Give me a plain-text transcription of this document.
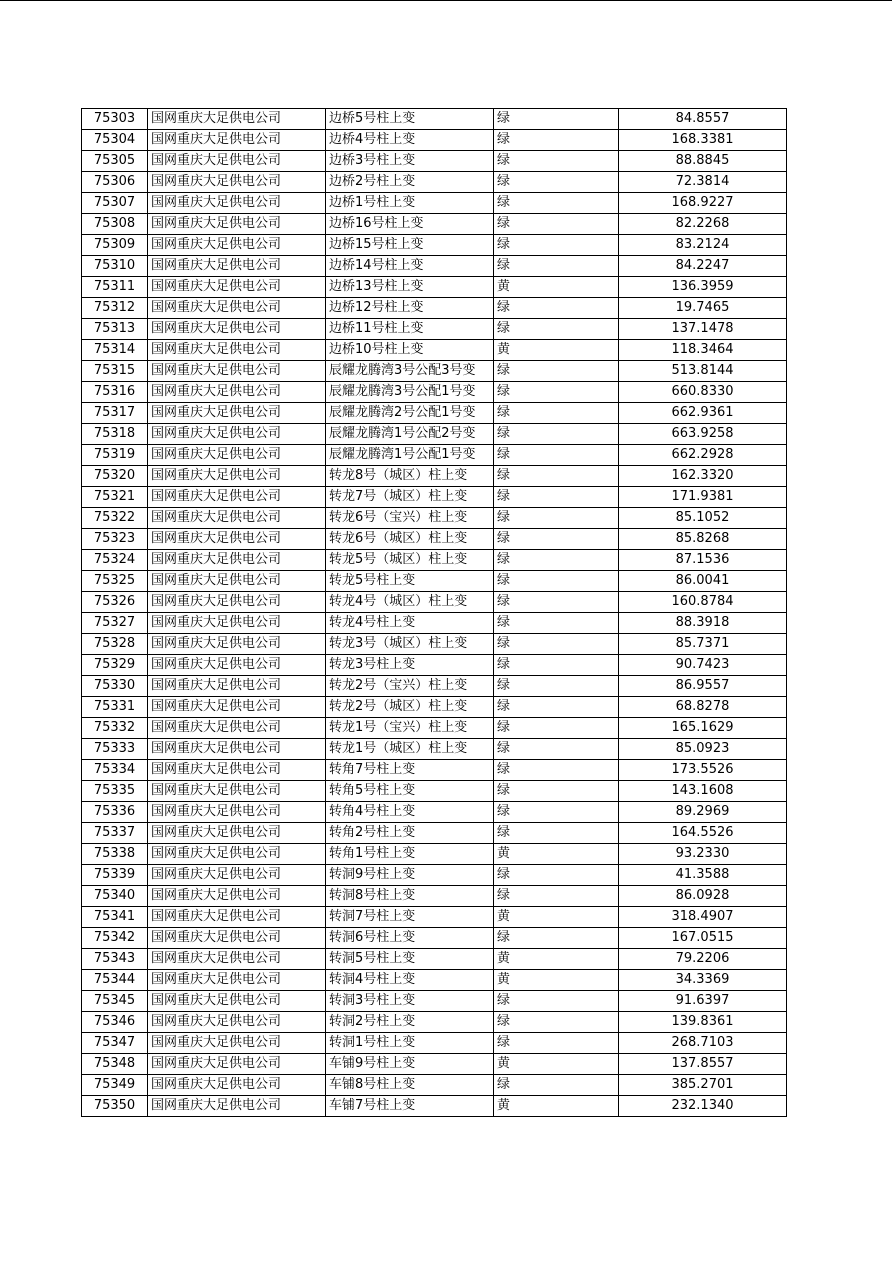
75303	国网重庆大足供电公司	边桥5号柱上变	绿	84.8557
75304	国网重庆大足供电公司	边桥4号柱上变	绿	168.3381
75305	国网重庆大足供电公司	边桥3号柱上变	绿	88.8845
75306	国网重庆大足供电公司	边桥2号柱上变	绿	72.3814
75307	国网重庆大足供电公司	边桥1号柱上变	绿	168.9227
75308	国网重庆大足供电公司	边桥16号柱上变	绿	82.2268
75309	国网重庆大足供电公司	边桥15号柱上变	绿	83.2124
75310	国网重庆大足供电公司	边桥14号柱上变	绿	84.2247
75311	国网重庆大足供电公司	边桥13号柱上变	黄	136.3959
75312	国网重庆大足供电公司	边桥12号柱上变	绿	19.7465
75313	国网重庆大足供电公司	边桥11号柱上变	绿	137.1478
75314	国网重庆大足供电公司	边桥10号柱上变	黄	118.3464
75315	国网重庆大足供电公司	辰耀龙腾湾3号公配3号变	绿	513.8144
75316	国网重庆大足供电公司	辰耀龙腾湾3号公配1号变	绿	660.8330
75317	国网重庆大足供电公司	辰耀龙腾湾2号公配1号变	绿	662.9361
75318	国网重庆大足供电公司	辰耀龙腾湾1号公配2号变	绿	663.9258
75319	国网重庆大足供电公司	辰耀龙腾湾1号公配1号变	绿	662.2928
75320	国网重庆大足供电公司	转龙8号（城区）柱上变	绿	162.3320
75321	国网重庆大足供电公司	转龙7号（城区）柱上变	绿	171.9381
75322	国网重庆大足供电公司	转龙6号（宝兴）柱上变	绿	85.1052
75323	国网重庆大足供电公司	转龙6号（城区）柱上变	绿	85.8268
75324	国网重庆大足供电公司	转龙5号（城区）柱上变	绿	87.1536
75325	国网重庆大足供电公司	转龙5号柱上变	绿	86.0041
75326	国网重庆大足供电公司	转龙4号（城区）柱上变	绿	160.8784
75327	国网重庆大足供电公司	转龙4号柱上变	绿	88.3918
75328	国网重庆大足供电公司	转龙3号（城区）柱上变	绿	85.7371
75329	国网重庆大足供电公司	转龙3号柱上变	绿	90.7423
75330	国网重庆大足供电公司	转龙2号（宝兴）柱上变	绿	86.9557
75331	国网重庆大足供电公司	转龙2号（城区）柱上变	绿	68.8278
75332	国网重庆大足供电公司	转龙1号（宝兴）柱上变	绿	165.1629
75333	国网重庆大足供电公司	转龙1号（城区）柱上变	绿	85.0923
75334	国网重庆大足供电公司	转角7号柱上变	绿	173.5526
75335	国网重庆大足供电公司	转角5号柱上变	绿	143.1608
75336	国网重庆大足供电公司	转角4号柱上变	绿	89.2969
75337	国网重庆大足供电公司	转角2号柱上变	绿	164.5526
75338	国网重庆大足供电公司	转角1号柱上变	黄	93.2330
75339	国网重庆大足供电公司	转洞9号柱上变	绿	41.3588
75340	国网重庆大足供电公司	转洞8号柱上变	绿	86.0928
75341	国网重庆大足供电公司	转洞7号柱上变	黄	318.4907
75342	国网重庆大足供电公司	转洞6号柱上变	绿	167.0515
75343	国网重庆大足供电公司	转洞5号柱上变	黄	79.2206
75344	国网重庆大足供电公司	转洞4号柱上变	黄	34.3369
75345	国网重庆大足供电公司	转洞3号柱上变	绿	91.6397
75346	国网重庆大足供电公司	转洞2号柱上变	绿	139.8361
75347	国网重庆大足供电公司	转洞1号柱上变	绿	268.7103
75348	国网重庆大足供电公司	车铺9号柱上变	黄	137.8557
75349	国网重庆大足供电公司	车铺8号柱上变	绿	385.2701
75350	国网重庆大足供电公司	车铺7号柱上变	黄	232.1340
